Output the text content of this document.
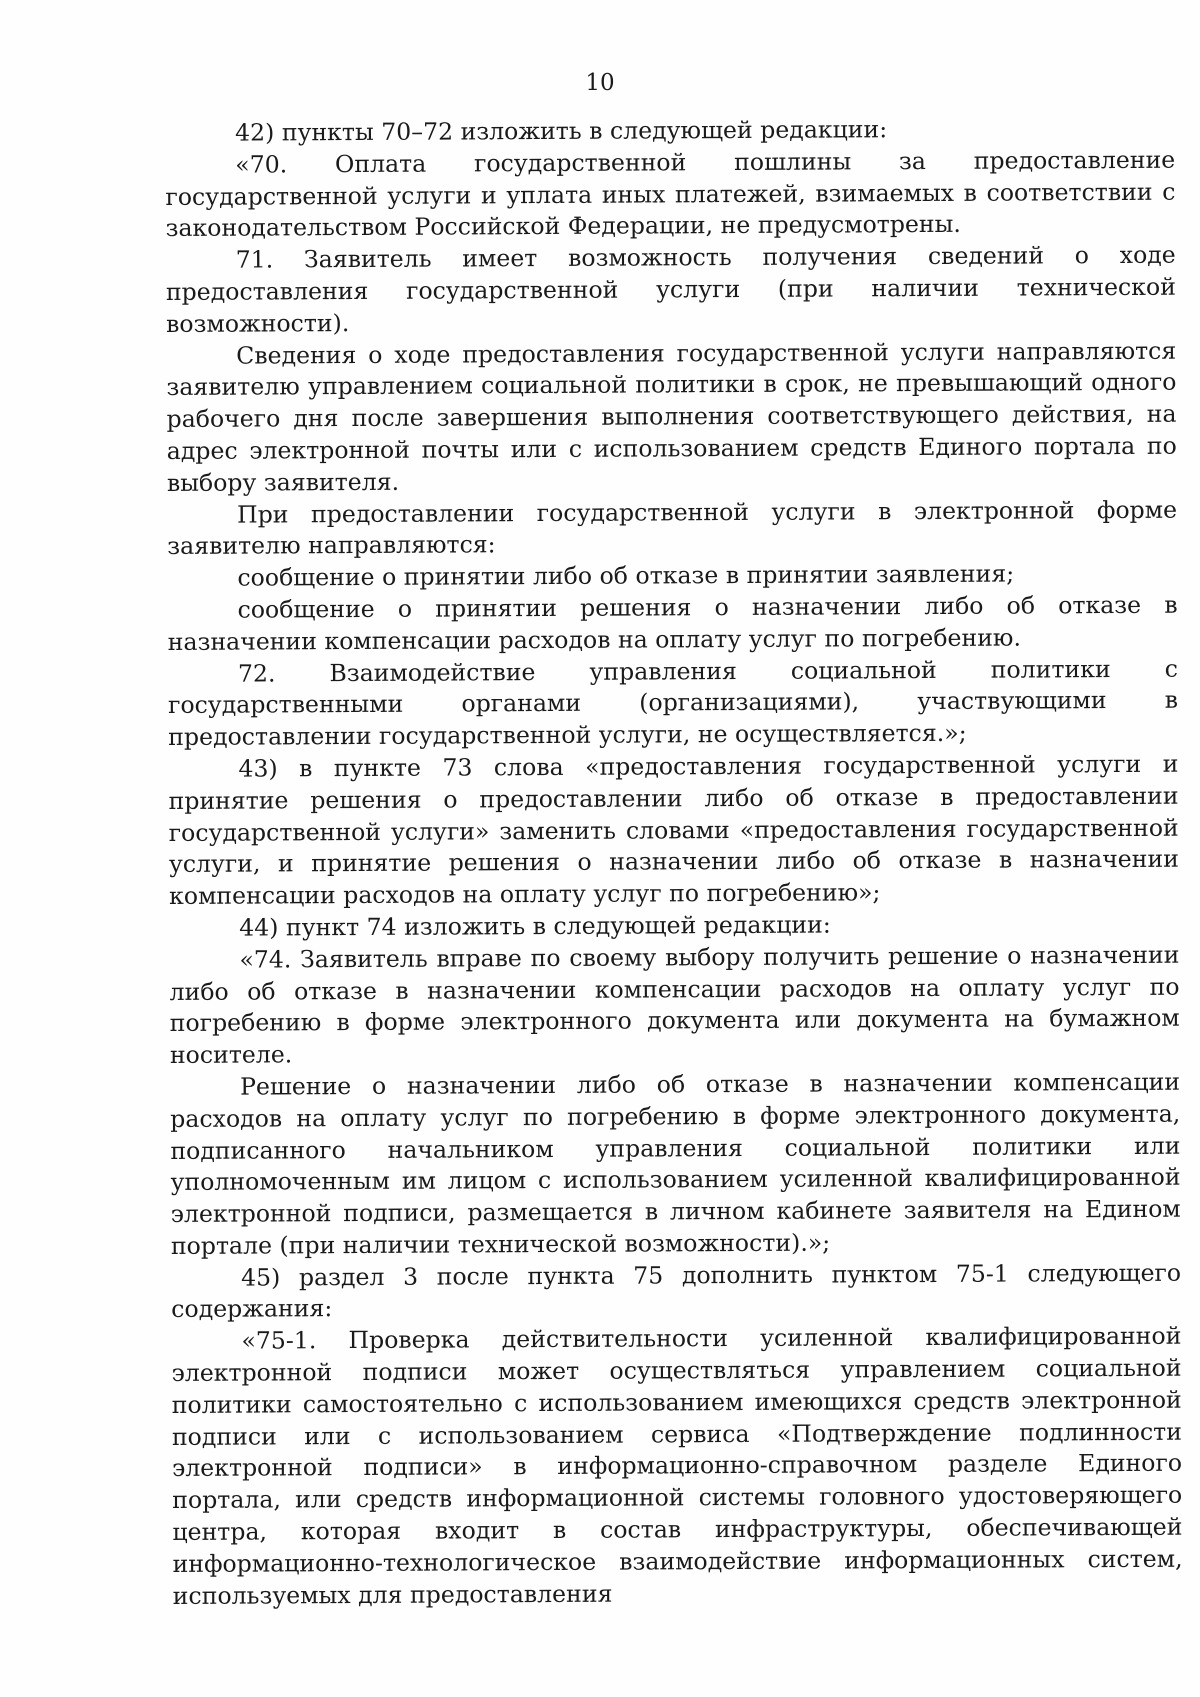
10

42) пункты 70–72 изложить в следующей редакции:

«70. Оплата государственной пошлины за предоставление государственной услуги и уплата иных платежей, взимаемых в соответствии с законодательством Российской Федерации, не предусмотрены.

71. Заявитель имеет возможность получения сведений о ходе предоставления государственной услуги (при наличии технической возможности).

Сведения о ходе предоставления государственной услуги направляются заявителю управлением социальной политики в срок, не превышающий одного рабочего дня после завершения выполнения соответствующего действия, на адрес электронной почты или с использованием средств Единого портала по выбору заявителя.

При предоставлении государственной услуги в электронной форме заявителю направляются:

сообщение о принятии либо об отказе в принятии заявления;

сообщение о принятии решения о назначении либо об отказе в назначении компенсации расходов на оплату услуг по погребению.

72. Взаимодействие управления социальной политики с государственными органами (организациями), участвующими в предоставлении государственной услуги, не осуществляется.»;

43) в пункте 73 слова «предоставления государственной услуги и принятие решения о предоставлении либо об отказе в предоставлении государственной услуги» заменить словами «предоставления государственной услуги, и принятие решения о назначении либо об отказе в назначении компенсации расходов на оплату услуг по погребению»;

44) пункт 74 изложить в следующей редакции:

«74. Заявитель вправе по своему выбору получить решение о назначении либо об отказе в назначении компенсации расходов на оплату услуг по погребению в форме электронного документа или документа на бумажном носителе.

Решение о назначении либо об отказе в назначении компенсации расходов на оплату услуг по погребению в форме электронного документа, подписанного начальником управления социальной политики или уполномоченным им лицом с использованием усиленной квалифицированной электронной подписи, размещается в личном кабинете заявителя на Едином портале (при наличии технической возможности).»;

45) раздел 3 после пункта 75 дополнить пунктом 75-1 следующего содержания:

«75-1. Проверка действительности усиленной квалифицированной электронной подписи может осуществляться управлением социальной политики самостоятельно с использованием имеющихся средств электронной подписи или с использованием сервиса «Подтверждение подлинности электронной подписи» в информационно-справочном разделе Единого портала, или средств информационной системы головного удостоверяющего центра, которая входит в состав инфраструктуры, обеспечивающей информационно-технологическое взаимодействие информационных систем, используемых для предоставления
